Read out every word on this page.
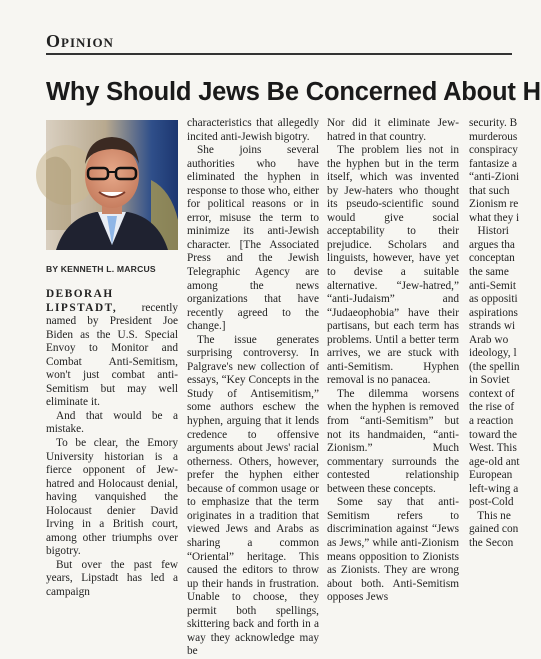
Opinion
Why Should Jews Be Concerned About H
BY KENNETH L. MARCUS

DEBORAH LIPSTADT, recently named by President Joe Biden as the U.S. Special Envoy to Monitor and Combat Anti-Semitism, won't just combat anti-Semitism but may well eliminate it.

And that would be a mistake.

To be clear, the Emory University historian is a fierce opponent of Jew-hatred and Holocaust denial, having vanquished the Holocaust denier David Irving in a British court, among other triumphs over bigotry.

But over the past few years, Lipstadt has led a campaign

characteristics that allegedly incited anti-Jewish bigotry.

She joins several authorities who have eliminated the hyphen in response to those who, either for political reasons or in error, misuse the term to minimize its anti-Jewish character. [The Associated Press and the Jewish Telegraphic Agency are among the news organizations that have recently agreed to the change.]

The issue generates surprising controversy. In Palgrave's new collection of essays, “Key Concepts in the Study of Antisemitism,” some authors eschew the hyphen, arguing that it lends credence to offensive arguments about Jews' racial otherness. Others, however, prefer the hyphen either because of common usage or to emphasize that the term originates in a tradition that viewed Jews and Arabs as sharing a common “Oriental” heritage. This caused the editors to throw up their hands in frustration. Unable to choose, they permit both spellings, skittering back and forth in a way they acknowledge may be

Nor did it eliminate Jew-hatred in that country.

The problem lies not in the hyphen but in the term itself, which was invented by Jew-haters who thought its pseudo-scientific sound would give social acceptability to their prejudice. Scholars and linguists, however, have yet to devise a suitable alternative. “Jew-hatred,” “anti-Judaism” and “Judaeophobia” have their partisans, but each term has problems. Until a better term arrives, we are stuck with anti-Semitism. Hyphen removal is no panacea.

The dilemma worsens when the hyphen is removed from “anti-Semitism” but not its handmaiden, “anti-Zionism.” Much commentary surrounds the contested relationship between these concepts.

Some say that anti-Semitism refers to discrimination against “Jews as Jews,” while anti-Zionism means opposition to Zionists as Zionists. They are wrong about both. Anti-Semitism opposes Jews

security. B
murderous
conspiracy
fantasize a
“anti-Zioni
that such
Zionism re
what they i
Histori
argues tha
conceptan
the same
anti-Semit
as oppositi
aspirations
strands wi
Arab wo
ideology, l
(the spellin
in Soviet
context of
the rise of
a reaction
toward the
West. This
age-old ant
European
left-wing a
post-Cold
This ne
gained con
the Secon
